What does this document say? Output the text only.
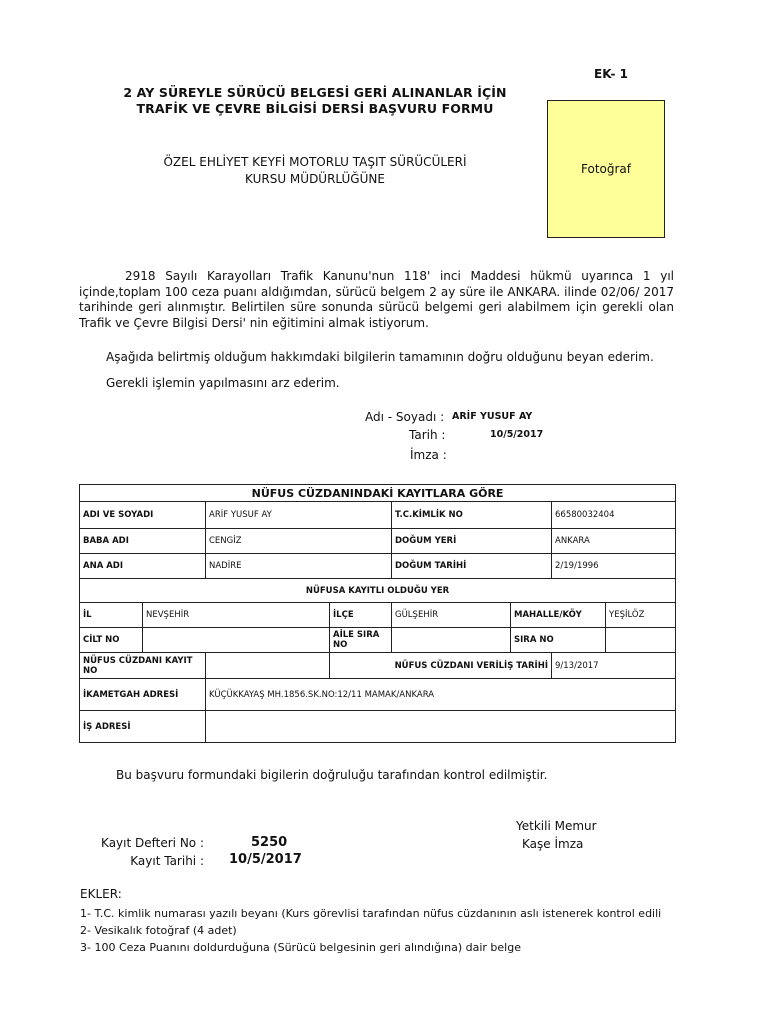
EK- 1
2 AY SÜREYLE SÜRÜCÜ BELGESİ GERİ ALINANLAR İÇİN
TRAFİK VE ÇEVRE BİLGİSİ DERSİ BAŞVURU FORMU
ÖZEL EHLİYET KEYFİ MOTORLU TAŞIT SÜRÜCÜLERİ
KURSU MÜDÜRLÜĞÜNE
Fotoğraf
2918 Sayılı Karayolları Trafik Kanunu'nun 118' inci Maddesi hükmü uyarınca 1 yıl içinde,toplam 100 ceza puanı aldığımdan, sürücü belgem 2 ay süre ile ANKARA. ilinde 02/06/ 2017 tarihinde geri alınmıştır. Belirtilen süre sonunda sürücü belgemi geri alabilmem için gerekli olan Trafik ve Çevre Bilgisi Dersi' nin eğitimini almak istiyorum.
Aşağıda belirtmiş olduğum hakkımdaki bilgilerin tamamının doğru olduğunu beyan ederim.
Gerekli işlemin yapılmasını arz ederim.
Adı - Soyadı : ARİF YUSUF AY
Tarih :	10/5/2017
İmza :
NÜFUS CÜZDANINDAKİ KAYITLARA GÖRE							
ADI VE SOYADI		ARİF YUSUF AY		T.C.KİMLİK NO		66580032404	
BABA ADI		CENGİZ		DOĞUM YERİ		ANKARA	
ANA ADI		NADİRE		DOĞUM TARİHİ		2/19/1996	
NÜFUSA KAYITLI OLDUĞU YER							
İL	NEVŞEHİR		İLÇE	GÜLŞEHİR	MAHALLE/KÖY		YEŞİLÖZ
CİLT NO			AİLE SIRA NO		SIRA NO		
NÜFUS CÜZDANI KAYIT NO			NÜFUS CÜZDANI VERİLİŞ TARİHİ			9/13/2017	
İKAMETGAH ADRESİ		KÜÇÜKKAYAŞ MH.1856.SK.NO:12/11 MAMAK/ANKARA					
İŞ ADRESİ							
Bu başvuru formundaki bigilerin doğruluğu tarafından kontrol edilmiştir.
Yetkili Memur
Kaşe İmza
Kayıt Defteri No :	5250
Kayıt Tarihi : 10/5/2017
EKLER:
1- T.C. kimlik numarası yazılı beyanı (Kurs görevlisi tarafından nüfus cüzdanının aslı istenerek kontrol edili
2- Vesikalık fotoğraf (4 adet)
3- 100 Ceza Puanını doldurduğuna (Sürücü belgesinin geri alındığına) dair belge
